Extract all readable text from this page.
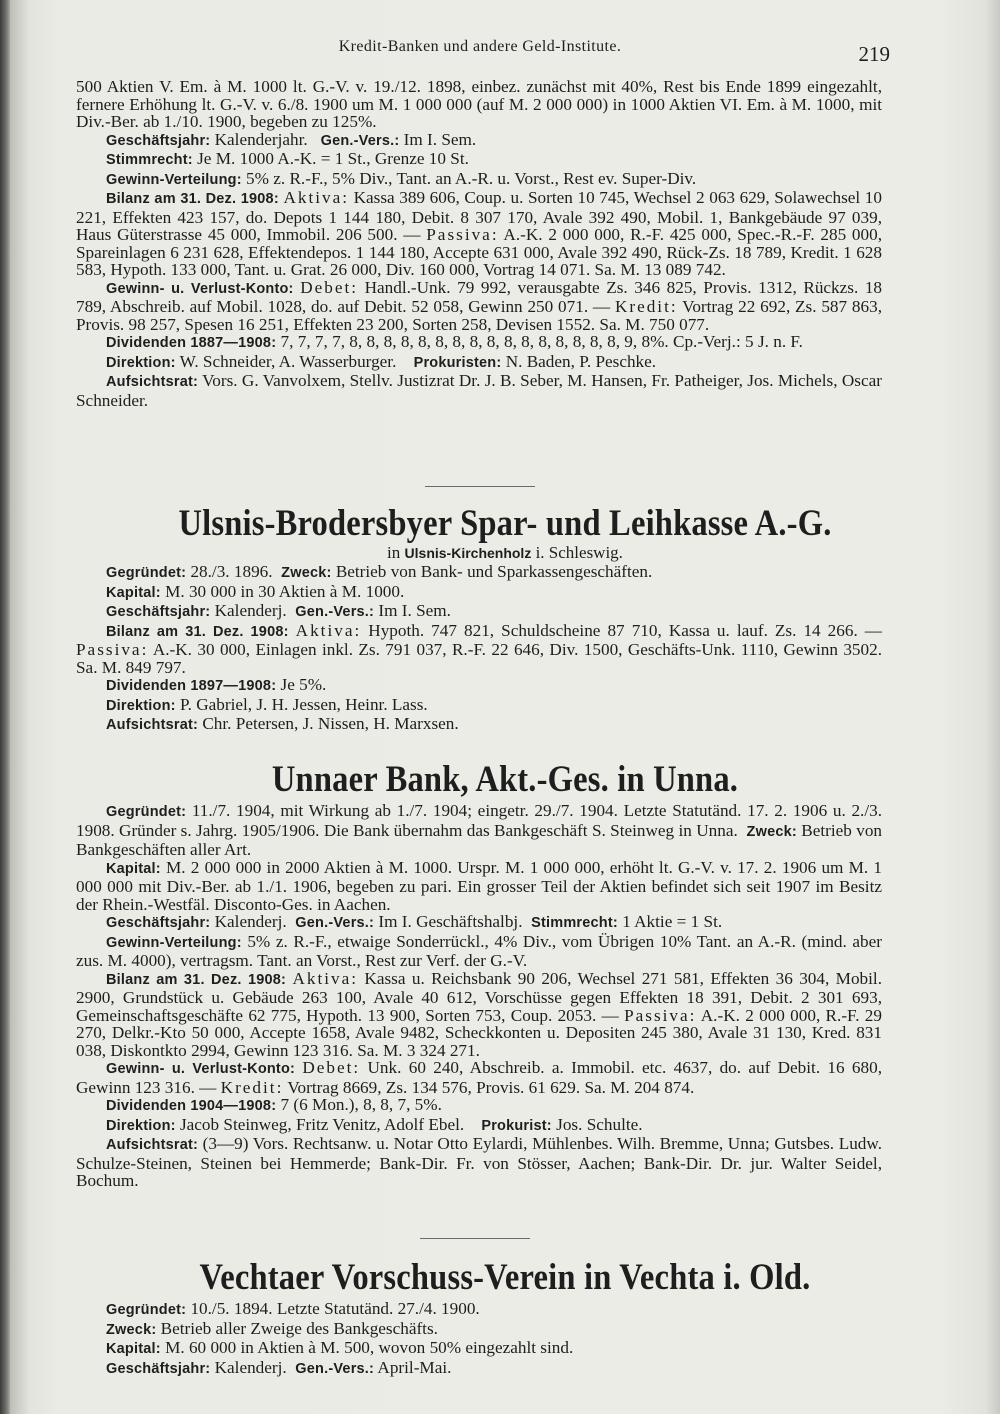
Kredit-Banken und andere Geld-Institute.	219

500 Aktien V. Em. à M. 1000 lt. G.-V. v. 19./12. 1898, einbez. zunächst mit 40%, Rest bis Ende 1899 eingezahlt, fernere Erhöhung lt. G.-V. v. 6./8. 1900 um M. 1 000 000 (auf M. 2 000 000) in 1000 Aktien VI. Em. à M. 1000, mit Div.-Ber. ab 1./10. 1900, begeben zu 125%.

Geschäftsjahr: Kalenderjahr. Gen.-Vers.: Im I. Sem.

Stimmrecht: Je M. 1000 A.-K. = 1 St., Grenze 10 St.

Gewinn-Verteilung: 5% z. R.-F., 5% Div., Tant. an A.-R. u. Vorst., Rest ev. Super-Div.

Bilanz am 31. Dez. 1908: Aktiva: Kassa 389 606, Coup. u. Sorten 10 745, Wechsel 2 063 629, Solawechsel 10 221, Effekten 423 157, do. Depots 1 144 180, Debit. 8 307 170, Avale 392 490, Mobil. 1, Bankgebäude 97 039, Haus Güterstrasse 45 000, Immobil. 206 500. — Passiva: A.-K. 2 000 000, R.-F. 425 000, Spec.-R.-F. 285 000, Spareinlagen 6 231 628, Effektendepos. 1 144 180, Accepte 631 000, Avale 392 490, Rück-Zs. 18 789, Kredit. 1 628 583, Hypoth. 133 000, Tant. u. Grat. 26 000, Div. 160 000, Vortrag 14 071. Sa. M. 13 089 742.

Gewinn- u. Verlust-Konto: Debet: Handl.-Unk. 79 992, verausgabte Zs. 346 825, Provis. 1312, Rückzs. 18 789, Abschreib. auf Mobil. 1028, do. auf Debit. 52 058, Gewinn 250 071. — Kredit: Vortrag 22 692, Zs. 587 863, Provis. 98 257, Spesen 16 251, Effekten 23 200, Sorten 258, Devisen 1552. Sa. M. 750 077.

Dividenden 1887—1908: 7, 7, 7, 7, 8, 8, 8, 8, 8, 8, 8, 8, 8, 8, 8, 8, 8, 8, 8, 8, 9, 8%. Cp.-Verj.: 5 J. n. F.

Direktion: W. Schneider, A. Wasserburger. Prokuristen: N. Baden, P. Peschke.

Aufsichtsrat: Vors. G. Vanvolxem, Stellv. Justizrat Dr. J. B. Seber, M. Hansen, Fr. Patheiger, Jos. Michels, Oscar Schneider.

Ulsnis-Brodersbyer Spar- und Leihkasse A.-G.
in Ulsnis-Kirchenholz i. Schleswig.

Gegründet: 28./3. 1896. Zweck: Betrieb von Bank- und Sparkassengeschäften.

Kapital: M. 30 000 in 30 Aktien à M. 1000.

Geschäftsjahr: Kalenderj. Gen.-Vers.: Im I. Sem.

Bilanz am 31. Dez. 1908: Aktiva: Hypoth. 747 821, Schuldscheine 87 710, Kassa u. lauf. Zs. 14 266. — Passiva: A.-K. 30 000, Einlagen inkl. Zs. 791 037, R.-F. 22 646, Div. 1500, Geschäfts-Unk. 1110, Gewinn 3502. Sa. M. 849 797.

Dividenden 1897—1908: Je 5%.

Direktion: P. Gabriel, J. H. Jessen, Heinr. Lass.

Aufsichtsrat: Chr. Petersen, J. Nissen, H. Marxsen.

Unnaer Bank, Akt.-Ges. in Unna.

Gegründet: 11./7. 1904, mit Wirkung ab 1./7. 1904; eingetr. 29./7. 1904. Letzte Statutänd. 17. 2. 1906 u. 2./3. 1908. Gründer s. Jahrg. 1905/1906. Die Bank übernahm das Bankgeschäft S. Steinweg in Unna. Zweck: Betrieb von Bankgeschäften aller Art.

Kapital: M. 2 000 000 in 2000 Aktien à M. 1000. Urspr. M. 1 000 000, erhöht lt. G.-V. v. 17. 2. 1906 um M. 1 000 000 mit Div.-Ber. ab 1./1. 1906, begeben zu pari. Ein grosser Teil der Aktien befindet sich seit 1907 im Besitz der Rhein.-Westfäl. Disconto-Ges. in Aachen.

Geschäftsjahr: Kalenderj. Gen.-Vers.: Im I. Geschäftshalbj. Stimmrecht: 1 Aktie = 1 St.

Gewinn-Verteilung: 5% z. R.-F., etwaige Sonderrückl., 4% Div., vom Übrigen 10% Tant. an A.-R. (mind. aber zus. M. 4000), vertragsm. Tant. an Vorst., Rest zur Verf. der G.-V.

Bilanz am 31. Dez. 1908: Aktiva: Kassa u. Reichsbank 90 206, Wechsel 271 581, Effekten 36 304, Mobil. 2900, Grundstück u. Gebäude 263 100, Avale 40 612, Vorschüsse gegen Effekten 18 391, Debit. 2 301 693, Gemeinschaftsgeschäfte 62 775, Hypoth. 13 900, Sorten 753, Coup. 2053. — Passiva: A.-K. 2 000 000, R.-F. 29 270, Delkr.-Kto 50 000, Accepte 1658, Avale 9482, Scheckkonten u. Depositen 245 380, Avale 31 130, Kred. 831 038, Diskontkto 2994, Gewinn 123 316. Sa. M. 3 324 271.

Gewinn- u. Verlust-Konto: Debet: Unk. 60 240, Abschreib. a. Immobil. etc. 4637, do. auf Debit. 16 680, Gewinn 123 316. — Kredit: Vortrag 8669, Zs. 134 576, Provis. 61 629. Sa. M. 204 874.

Dividenden 1904—1908: 7 (6 Mon.), 8, 8, 7, 5%.

Direktion: Jacob Steinweg, Fritz Venitz, Adolf Ebel. Prokurist: Jos. Schulte.

Aufsichtsrat: (3—9) Vors. Rechtsanw. u. Notar Otto Eylardi, Mühlenbes. Wilh. Bremme, Unna; Gutsbes. Ludw. Schulze-Steinen, Steinen bei Hemmerde; Bank-Dir. Fr. von Stösser, Aachen; Bank-Dir. Dr. jur. Walter Seidel, Bochum.

Vechtaer Vorschuss-Verein in Vechta i. Old.

Gegründet: 10./5. 1894. Letzte Statutänd. 27./4. 1900.

Zweck: Betrieb aller Zweige des Bankgeschäfts.

Kapital: M. 60 000 in Aktien à M. 500, wovon 50% eingezahlt sind.

Geschäftsjahr: Kalenderj. Gen.-Vers.: April-Mai.
